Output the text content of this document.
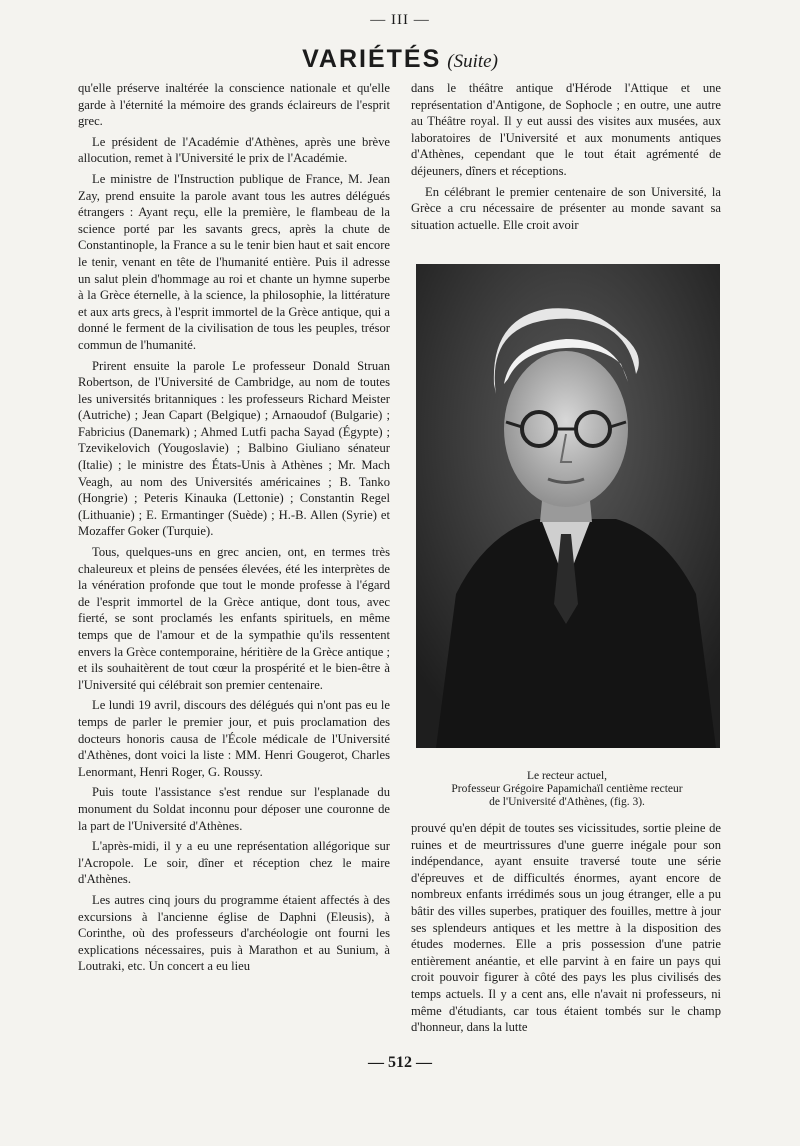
— III —
VARIÉTÉS (Suite)

qu'elle préserve inaltérée la conscience nationale et qu'elle garde à l'éternité la mémoire des grands éclaireurs de l'esprit grec.

Le président de l'Académie d'Athènes, après une brève allocution, remet à l'Université le prix de l'Académie.

Le ministre de l'Instruction publique de France, M. Jean Zay, prend ensuite la parole avant tous les autres délégués étrangers : Ayant reçu, elle la première, le flambeau de la science porté par les savants grecs, après la chute de Constantinople, la France a su le tenir bien haut et sait encore le tenir, venant en tête de l'humanité entière. Puis il adresse un salut plein d'hommage au roi et chante un hymne superbe à la Grèce éternelle, à la science, la philosophie, la littérature et aux arts grecs, à l'esprit immortel de la Grèce antique, qui a donné le ferment de la civilisation de tous les peuples, trésor commun de l'humanité.

Prirent ensuite la parole Le professeur Donald Struan Robertson, de l'Université de Cambridge, au nom de toutes les universités britanniques : les professeurs Richard Meister (Autriche) ; Jean Capart (Belgique) ; Arnaoudof (Bulgarie) ; Fabricius (Danemark) ; Ahmed Lutfi pacha Sayad (Égypte) ; Tzevikelovich (Yougoslavie) ; Balbino Giuliano sénateur (Italie) ; le ministre des États-Unis à Athènes ; Mr. Mach Veagh, au nom des Universités américaines ; B. Tanko (Hongrie) ; Peteris Kinauka (Lettonie) ; Constantin Regel (Lithuanie) ; E. Ermantinger (Suède) ; H.-B. Allen (Syrie) et Mozaffer Goker (Turquie).

Tous, quelques-uns en grec ancien, ont, en termes très chaleureux et pleins de pensées élevées, été les interprètes de la vénération profonde que tout le monde professe à l'égard de l'esprit immortel de la Grèce antique, dont tous, avec fierté, se sont proclamés les enfants spirituels, en même temps que de l'amour et de la sympathie qu'ils ressentent envers la Grèce contemporaine, héritière de la Grèce antique ; et ils souhaitèrent de tout cœur la prospérité et le bien-être à l'Université qui célébrait son premier centenaire.

Le lundi 19 avril, discours des délégués qui n'ont pas eu le temps de parler le premier jour, et puis proclamation des docteurs honoris causa de l'École médicale de l'Université d'Athènes, dont voici la liste : MM. Henri Gougerot, Charles Lenormant, Henri Roger, G. Roussy.

Puis toute l'assistance s'est rendue sur l'esplanade du monument du Soldat inconnu pour déposer une couronne de la part de l'Université d'Athènes.

L'après-midi, il y a eu une représentation allégorique sur l'Acropole. Le soir, dîner et réception chez le maire d'Athènes.

Les autres cinq jours du programme étaient affectés à des excursions à l'ancienne église de Daphni (Eleusis), à Corinthe, où des professeurs d'archéologie ont fourni les explications nécessaires, puis à Marathon et au Sunium, à Loutraki, etc. Un concert a eu lieu

dans le théâtre antique d'Hérode l'Attique et une représentation d'Antigone, de Sophocle ; en outre, une autre au Théâtre royal. Il y eut aussi des visites aux musées, aux laboratoires de l'Université et aux monuments antiques d'Athènes, cependant que le tout était agrémenté de déjeuners, dîners et réceptions.

En célébrant le premier centenaire de son Université, la Grèce a cru nécessaire de présenter au monde savant sa situation actuelle. Elle croit avoir

Le recteur actuel,
Professeur Grégoire Papamichaïl centième recteur
de l'Université d'Athènes, (fig. 3).

prouvé qu'en dépit de toutes ses vicissitudes, sortie pleine de ruines et de meurtrissures d'une guerre inégale pour son indépendance, ayant ensuite traversé toute une série d'épreuves et de difficultés énormes, ayant encore de nombreux enfants irrédimés sous un joug étranger, elle a pu bâtir des villes superbes, pratiquer des fouilles, mettre à jour ses splendeurs antiques et les mettre à la disposition des études modernes. Elle a pris possession d'une patrie entièrement anéantie, et elle parvint à en faire un pays qui croit pouvoir figurer à côté des pays les plus civilisés des temps actuels. Il y a cent ans, elle n'avait ni professeurs, ni même d'étudiants, car tous étaient tombés sur le champ d'honneur, dans la lutte

— 512 —
